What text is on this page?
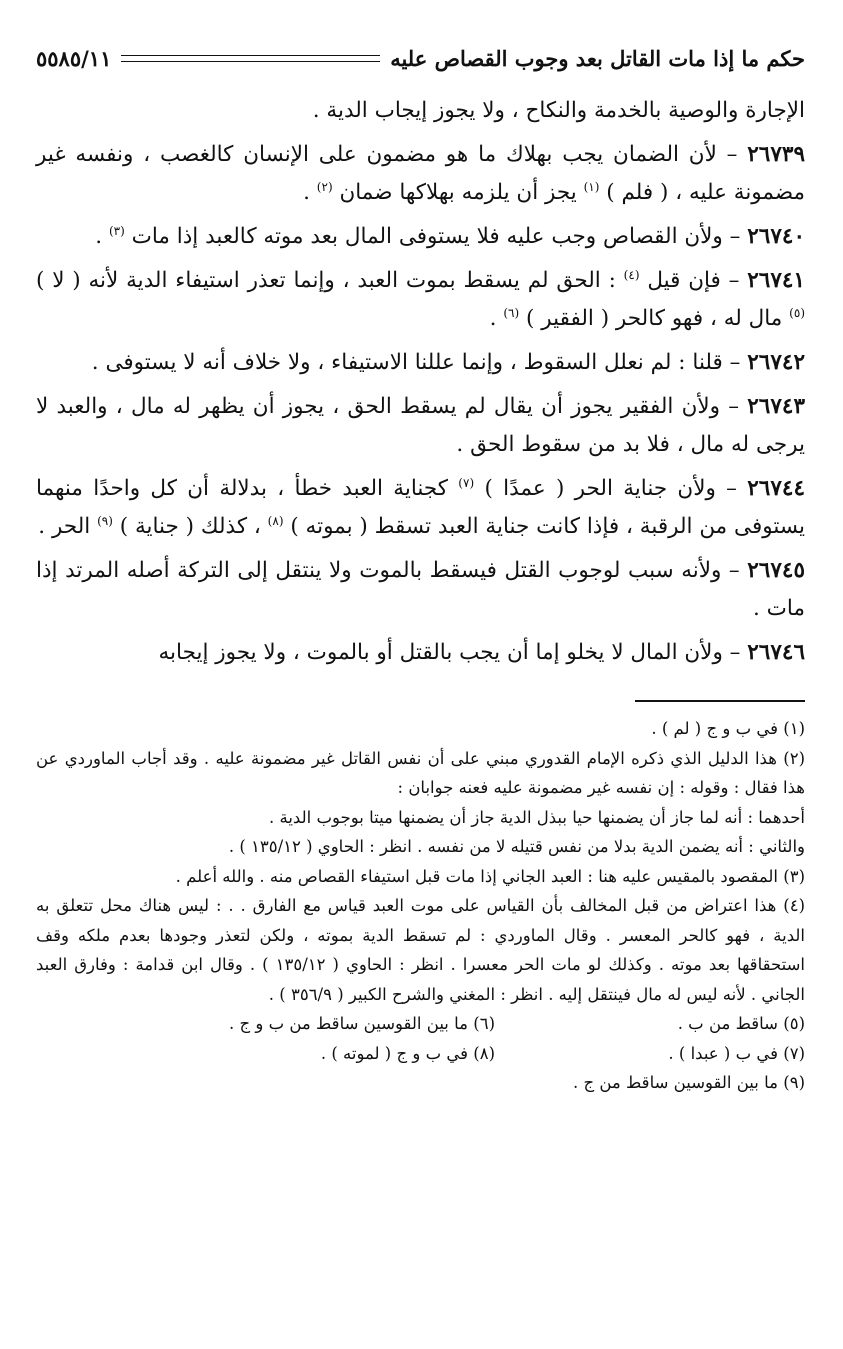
حكم ما إذا مات القاتل بعد وجوب القصاص عليه
٥٥٨٥/١١

الإجارة والوصية بالخدمة والنكاح ، ولا يجوز إيجاب الدية .

٢٦٧٣٩ – لأن الضمان يجب بهلاك ما هو مضمون على الإنسان كالغصب ، ونفسه غير مضمونة عليه ، ( فلم ) $^{(١)}$ يجز أن يلزمه بهلاكها ضمان $^{(٢)}$ .

٢٦٧٤٠ – ولأن القصاص وجب عليه فلا يستوفى المال بعد موته كالعبد إذا مات $^{(٣)}$ .

٢٦٧٤١ – فإن قيل $^{(٤)}$ : الحق لم يسقط بموت العبد ، وإنما تعذر استيفاء الدية لأنه ( لا ) $^{(٥)}$ مال له ، فهو كالحر ( الفقير ) $^{(٦)}$ .

٢٦٧٤٢ – قلنا : لم نعلل السقوط ، وإنما عللنا الاستيفاء ، ولا خلاف أنه لا يستوفى .

٢٦٧٤٣ – ولأن الفقير يجوز أن يقال لم يسقط الحق ، يجوز أن يظهر له مال ، والعبد لا يرجى له مال ، فلا بد من سقوط الحق .

٢٦٧٤٤ – ولأن جناية الحر ( عمدًا ) $^{(٧)}$ كجناية العبد خطأ ، بدلالة أن كل واحدًا منهما يستوفى من الرقبة ، فإذا كانت جناية العبد تسقط ( بموته ) $^{(٨)}$ ، كذلك ( جناية ) $^{(٩)}$ الحر .

٢٦٧٤٥ – ولأنه سبب لوجوب القتل فيسقط بالموت ولا ينتقل إلى التركة أصله المرتد إذا مات .

٢٦٧٤٦ – ولأن المال لا يخلو إما أن يجب بالقتل أو بالموت ، ولا يجوز إيجابه

(١) في ب و ج ( لم ) .

(٢) هذا الدليل الذي ذكره الإمام القدوري مبني على أن نفس القاتل غير مضمونة عليه . وقد أجاب الماوردي عن هذا فقال : وقوله : إن نفسه غير مضمونة عليه فعنه جوابان :

أحدهما : أنه لما جاز أن يضمنها حيا ببذل الدية جاز أن يضمنها ميتا بوجوب الدية .

والثاني : أنه يضمن الدية بدلا من نفس قتيله لا من نفسه . انظر : الحاوي ( ١٣٥/١٢ ) .

(٣) المقصود بالمقيس عليه هنا : العبد الجاني إذا مات قبل استيفاء القصاص منه . والله أعلم .

(٤) هذا اعتراض من قبل المخالف بأن القياس على موت العبد قياس مع الفارق . . : ليس هناك محل تتعلق به الدية ، فهو كالحر المعسر . وقال الماوردي : لم تسقط الدية بموته ، ولكن لتعذر وجودها بعدم ملكه وقف استحقاقها بعد موته . وكذلك لو مات الحر معسرا . انظر : الحاوي ( ١٣٥/١٢ ) . وقال ابن قدامة : وفارق العبد الجاني . لأنه ليس له مال فينتقل إليه . انظر : المغني والشرح الكبير ( ٣٥٦/٩ ) .

(٥) ساقط من ب .
(٦) ما بين القوسين ساقط من ب و ج .
(٧) في ب ( عبدا ) .
(٨) في ب و ج ( لموته ) .

(٩) ما بين القوسين ساقط من ج .
